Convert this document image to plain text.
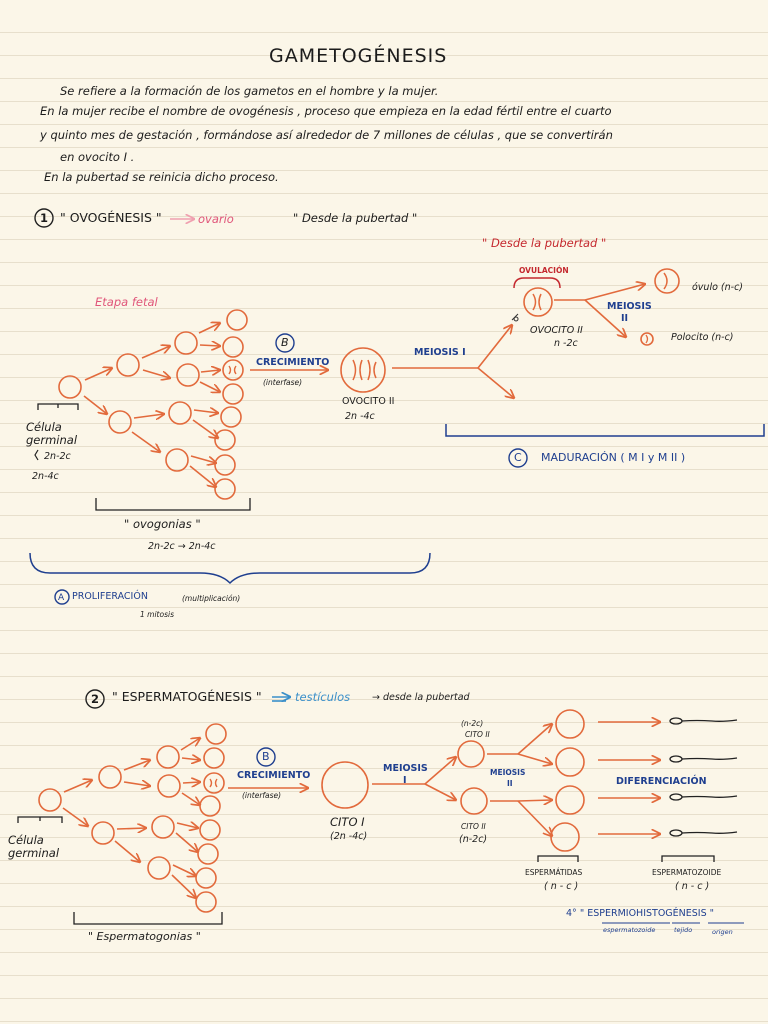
GAMETOGÉNESIS
Se refiere a la formación de los gametos en el hombre y la mujer.
En la mujer recibe el nombre de ovogénesis , proceso que empieza en la edad fértil entre el cuarto
y quinto mes de gestación , formándose así alrededor de 7 millones de células , que se convertirán
en ovocito I .
En la pubertad se reinicia dicho proceso.
1 " OVOGÉNESIS "	ovario	" Desde la pubertad "
" Desde la pubertad "
OVULACIÓN
Etapa fetal
B
CRECIMIENTO
(interfase)
OVOCITO II
2n -4c
MEIOSIS I
OVOCITO II
n -2c
MEIOSIS
II
óvulo (n-c)
Polocito (n-c)
Célula
germinal
2n-2c
2n-4c
MADURACIÓN ( M I y M II )
C
" ovogonias "
2n-2c → 2n-4c
A PROLIFERACIÓN	(multiplicación)
1 mitosis
2 " ESPERMATOGÉNESIS "	testículos → desde la pubertad
B
CRECIMIENTO
(interfase)
CITO I
(2n -4c)
MEIOSIS
I
(n-2c)
CITO II
CITO II
(n-2c)
MEIOSIS
II	DIFERENCIACIÓN
Célula
germinal
ESPERMÁTIDAS
( n - c )
ESPERMATOZOIDE
( n - c )
4° " ESPERMIOHISTOGÉNESIS "
espermatozoide	tejido	origen
" Espermatogonias "
